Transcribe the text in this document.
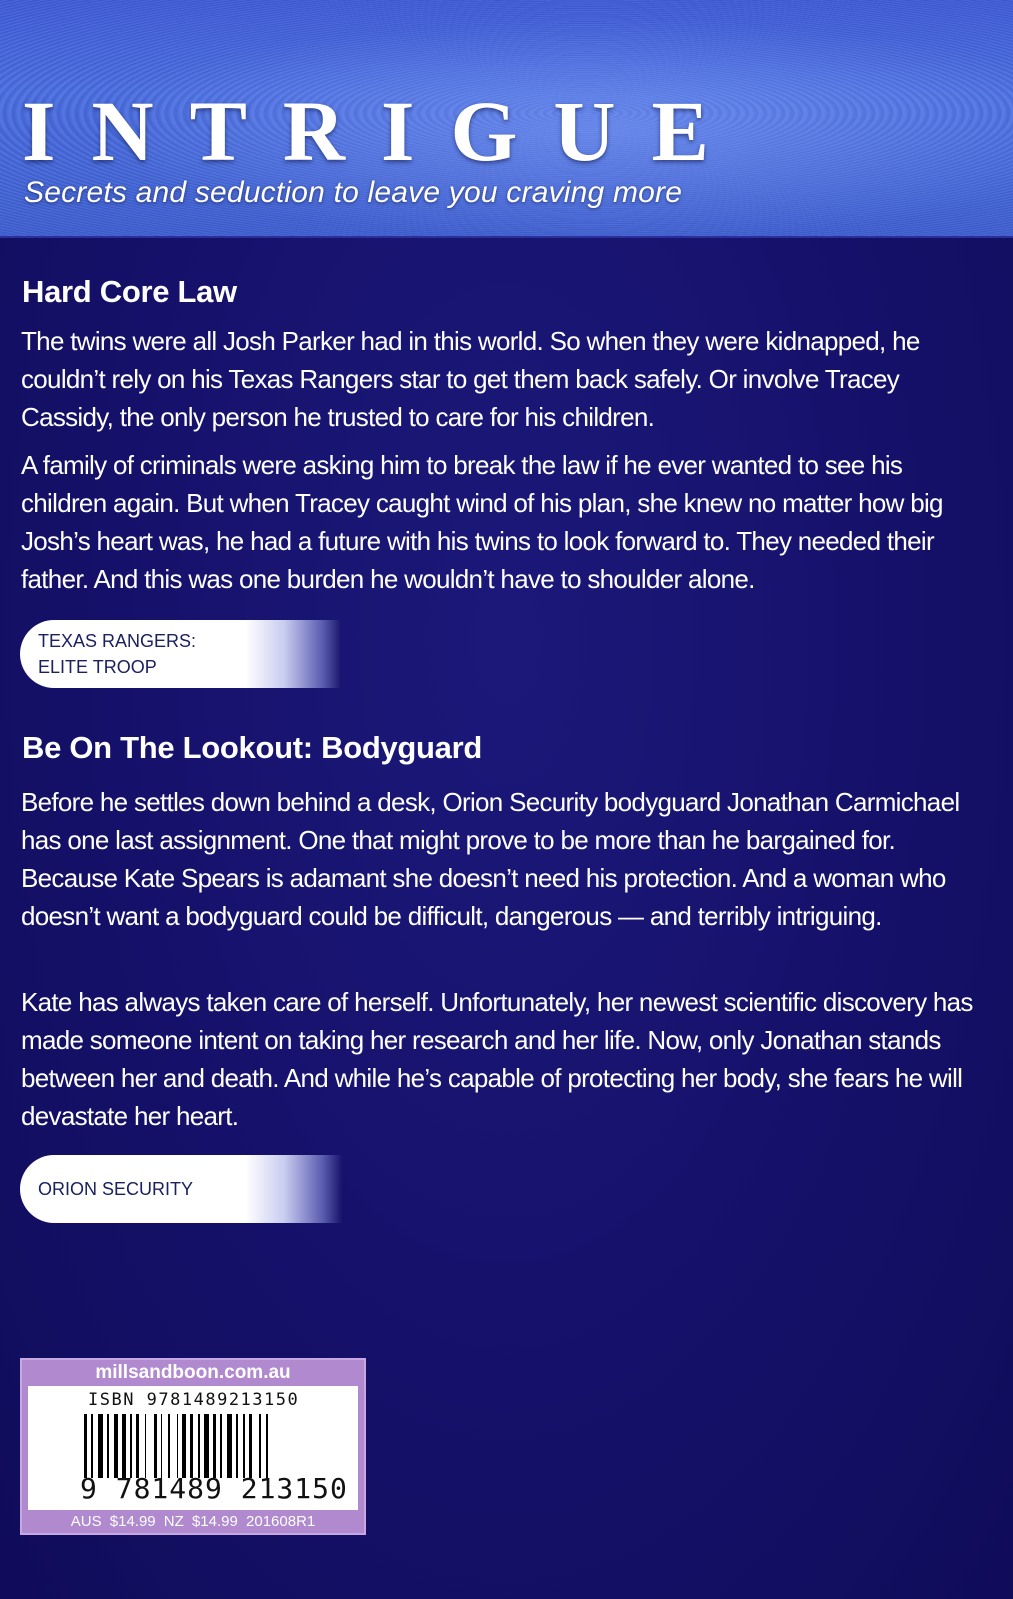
INTRIGUE

Secrets and seduction to leave you craving more

Hard Core Law

The twins were all Josh Parker had in this world. So when they were kidnapped, he couldn’t rely on his Texas Rangers star to get them back safely. Or involve Tracey Cassidy, the only person he trusted to care for his children.

A family of criminals were asking him to break the law if he ever wanted to see his children again. But when Tracey caught wind of his plan, she knew no matter how big Josh’s heart was, he had a future with his twins to look forward to. They needed their father. And this was one burden he wouldn’t have to shoulder alone.

TEXAS RANGERS:
ELITE TROOP
Be On The Lookout: Bodyguard

Before he settles down behind a desk, Orion Security bodyguard Jonathan Carmichael has one last assignment. One that might prove to be more than he bargained for. Because Kate Spears is adamant she doesn’t need his protection. And a woman who doesn’t want a bodyguard could be difficult, dangerous — and terribly intriguing.

Kate has always taken care of herself. Unfortunately, her newest scientific discovery has made someone intent on taking her research and her life. Now, only Jonathan stands between her and death. And while he’s capable of protecting her body, she fears he will devastate her heart.

ORION SECURITY
millsandboon.com.au
ISBN 9781489213150
9 781489 213150
AUS $14.99 NZ $14.99 201608R1
